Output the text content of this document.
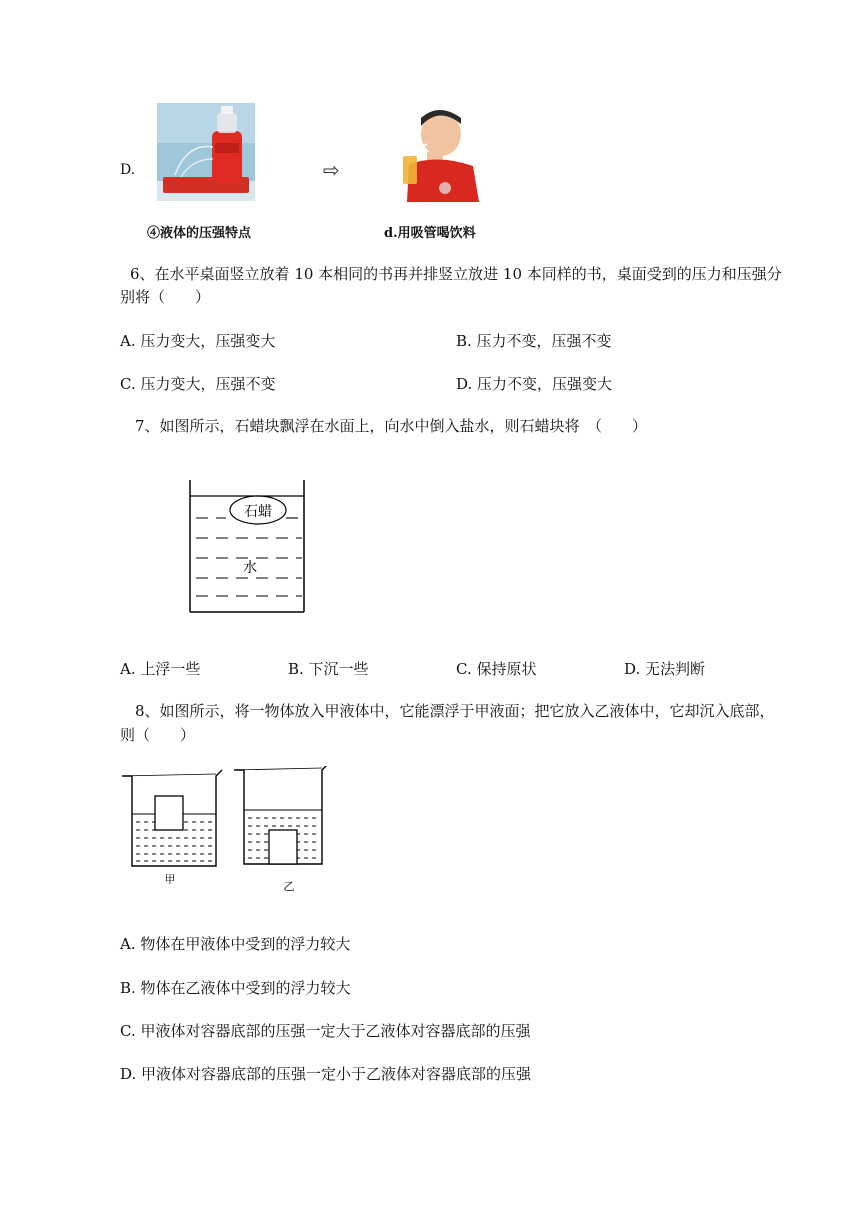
D.	⇨
④液体的压强特点	d.用吸管喝饮料
6、在水平桌面竖立放着 10 本相同的书再并排竖立放进 10 本同样的书，桌面受到的压力和压强分
别将（　　）
A. 压力变大，压强变大	B. 压力不变，压强不变
C. 压力变大，压强不变	D. 压力不变，压强变大
7、如图所示，石蜡块飘浮在水面上，向水中倒入盐水，则石蜡块将　（　　）
石蜡
水
A. 上浮一些	B. 下沉一些	C. 保持原状	D. 无法判断
8、如图所示，将一物体放入甲液体中，它能漂浮于甲液面；把它放入乙液体中，它却沉入底部，
则（　　）
甲
乙
A. 物体在甲液体中受到的浮力较大
B. 物体在乙液体中受到的浮力较大
C. 甲液体对容器底部的压强一定大于乙液体对容器底部的压强
D. 甲液体对容器底部的压强一定小于乙液体对容器底部的压强
